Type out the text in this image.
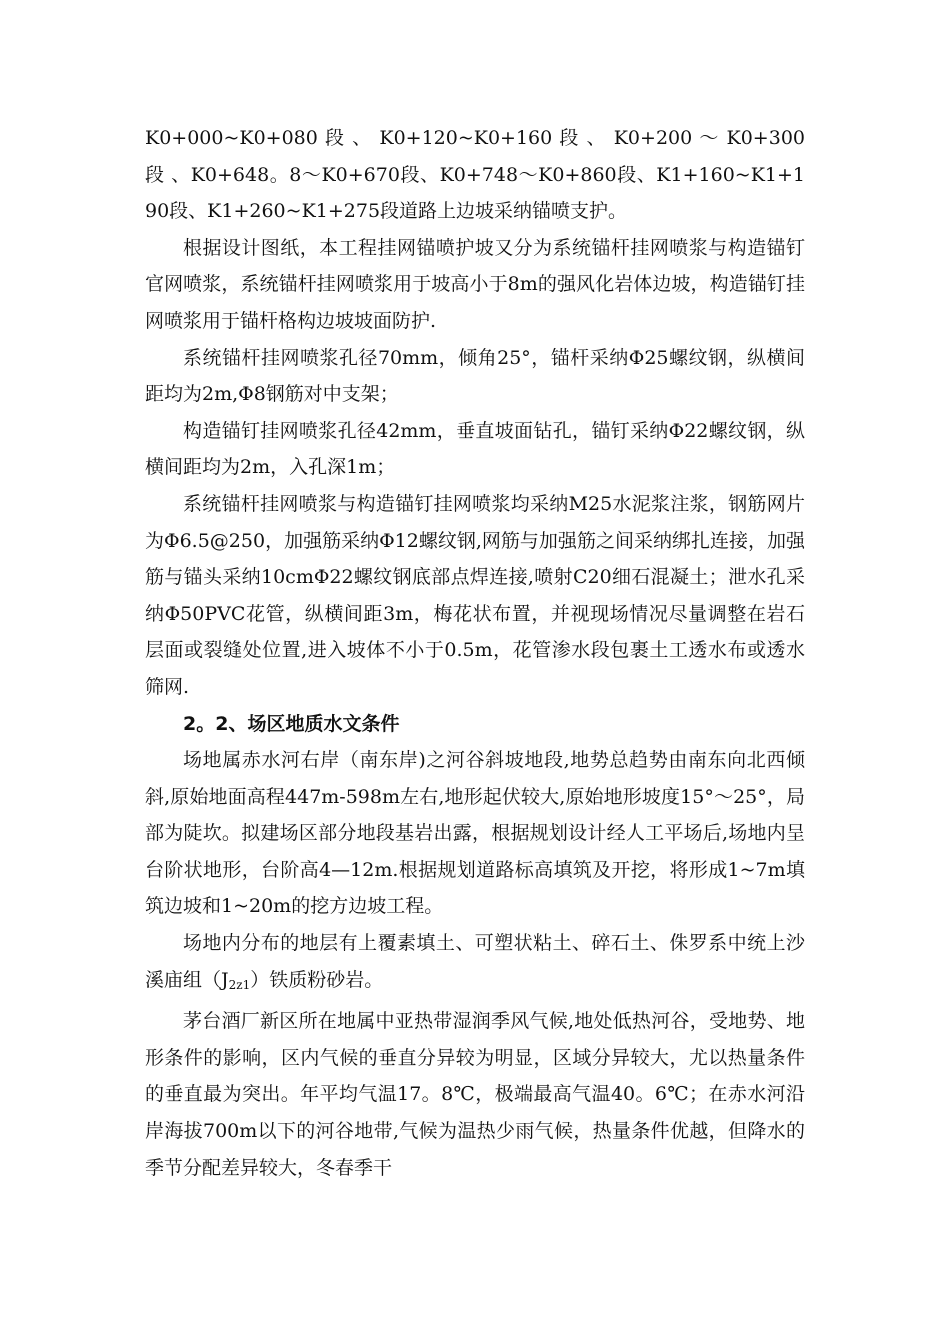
K0+000~K0+080 段 、 K0+120~K0+160 段 、 K0+200 ～ K0+300 段 、K0+648。8～K0+670段、K0+748～K0+860段、K1+160~K1+190段、K1+260~K1+275段道路上边坡采纳锚喷支护。

根据设计图纸，本工程挂网锚喷护坡又分为系统锚杆挂网喷浆与构造锚钉官网喷浆，系统锚杆挂网喷浆用于坡高小于8m的强风化岩体边坡，构造锚钉挂网喷浆用于锚杆格构边坡坡面防护.

系统锚杆挂网喷浆孔径70mm，倾角25°，锚杆采纳Φ25螺纹钢，纵横间距均为2m,Φ8钢筋对中支架；

构造锚钉挂网喷浆孔径42mm，垂直坡面钻孔，锚钉采纳Φ22螺纹钢，纵横间距均为2m，入孔深1m；

系统锚杆挂网喷浆与构造锚钉挂网喷浆均采纳M25水泥浆注浆，钢筋网片为Φ6.5@250，加强筋采纳Φ12螺纹钢,网筋与加强筋之间采纳绑扎连接，加强筋与锚头采纳10cmΦ22螺纹钢底部点焊连接,喷射C20细石混凝土；泄水孔采纳Φ50PVC花管，纵横间距3m，梅花状布置，并视现场情况尽量调整在岩石层面或裂缝处位置,进入坡体不小于0.5m，花管渗水段包裹土工透水布或透水筛网.

2。2、场区地质水文条件

场地属赤水河右岸（南东岸)之河谷斜坡地段,地势总趋势由南东向北西倾斜,原始地面高程447m-598m左右,地形起伏较大,原始地形坡度15°～25°，局部为陡坎。拟建场区部分地段基岩出露，根据规划设计经人工平场后,场地内呈台阶状地形，台阶高4—12m.根据规划道路标高填筑及开挖，将形成1~7m填筑边坡和1~20m的挖方边坡工程。

场地内分布的地层有上覆素填土、可塑状粘土、碎石土、侏罗系中统上沙溪庙组$(J_{2z1})$铁质粉砂岩。

茅台酒厂新区所在地属中亚热带湿润季风气候,地处低热河谷，受地势、地形条件的影响，区内气候的垂直分异较为明显，区域分异较大，尤以热量条件的垂直最为突出。年平均气温17。8℃，极端最高气温40。6℃；在赤水河沿岸海拔700m以下的河谷地带,气候为温热少雨气候，热量条件优越，但降水的季节分配差异较大，冬春季干
